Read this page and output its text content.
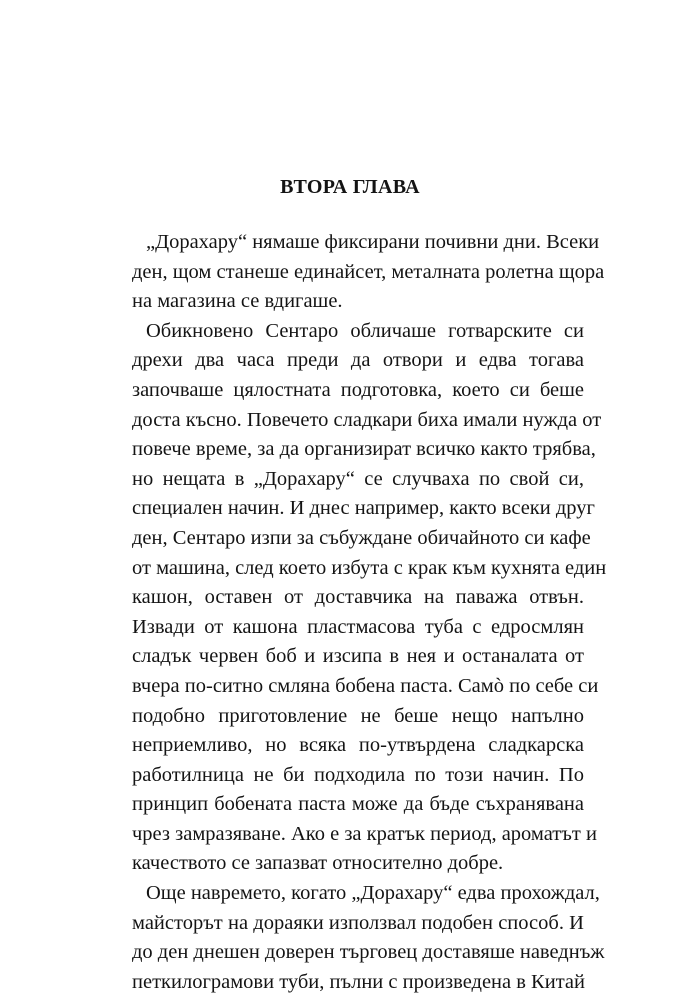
ВТОРА ГЛАВА

„Дорахару“ нямаше фиксирани почивни дни. Всеки
ден, щом станеше единайсет, металната ролетна щора
на магазина се вдигаше.

Обикновено Сентаро обличаше готварските си
дрехи два часа преди да отвори и едва тогава
започваше цялостната подготовка, което си беше
доста късно. Повечето сладкари биха имали нужда от
повече време, за да организират всичко както трябва,
но нещата в „Дорахару“ се случваха по свой си,
специален начин. И днес например, както всеки друг
ден, Сентаро изпи за събуждане обичайното си кафе
от машина, след което избута с крак към кухнята един
кашон, оставен от доставчика на паважа отвън.
Извади от кашона пластмасова туба с едросмлян
сладък червен боб и изсипа в нея и останалата от
вчера по-ситно смляна бобена паста. Самò по себе си
подобно приготовление не беше нещо напълно
неприемливо, но всяка по-утвърдена сладкарска
работилница не би подходила по този начин. По
принцип бобената паста може да бъде съхранявана
чрез замразяване. Ако е за кратък период, ароматът и
качеството се запазват относително добре.

Още навремето, когато „Дорахару“ едва прохождал,
майсторът на дораяки използвал подобен способ. И
до ден днешен доверен търговец доставяше наведнъж
петкилограмови туби, пълни с произведена в Китай
